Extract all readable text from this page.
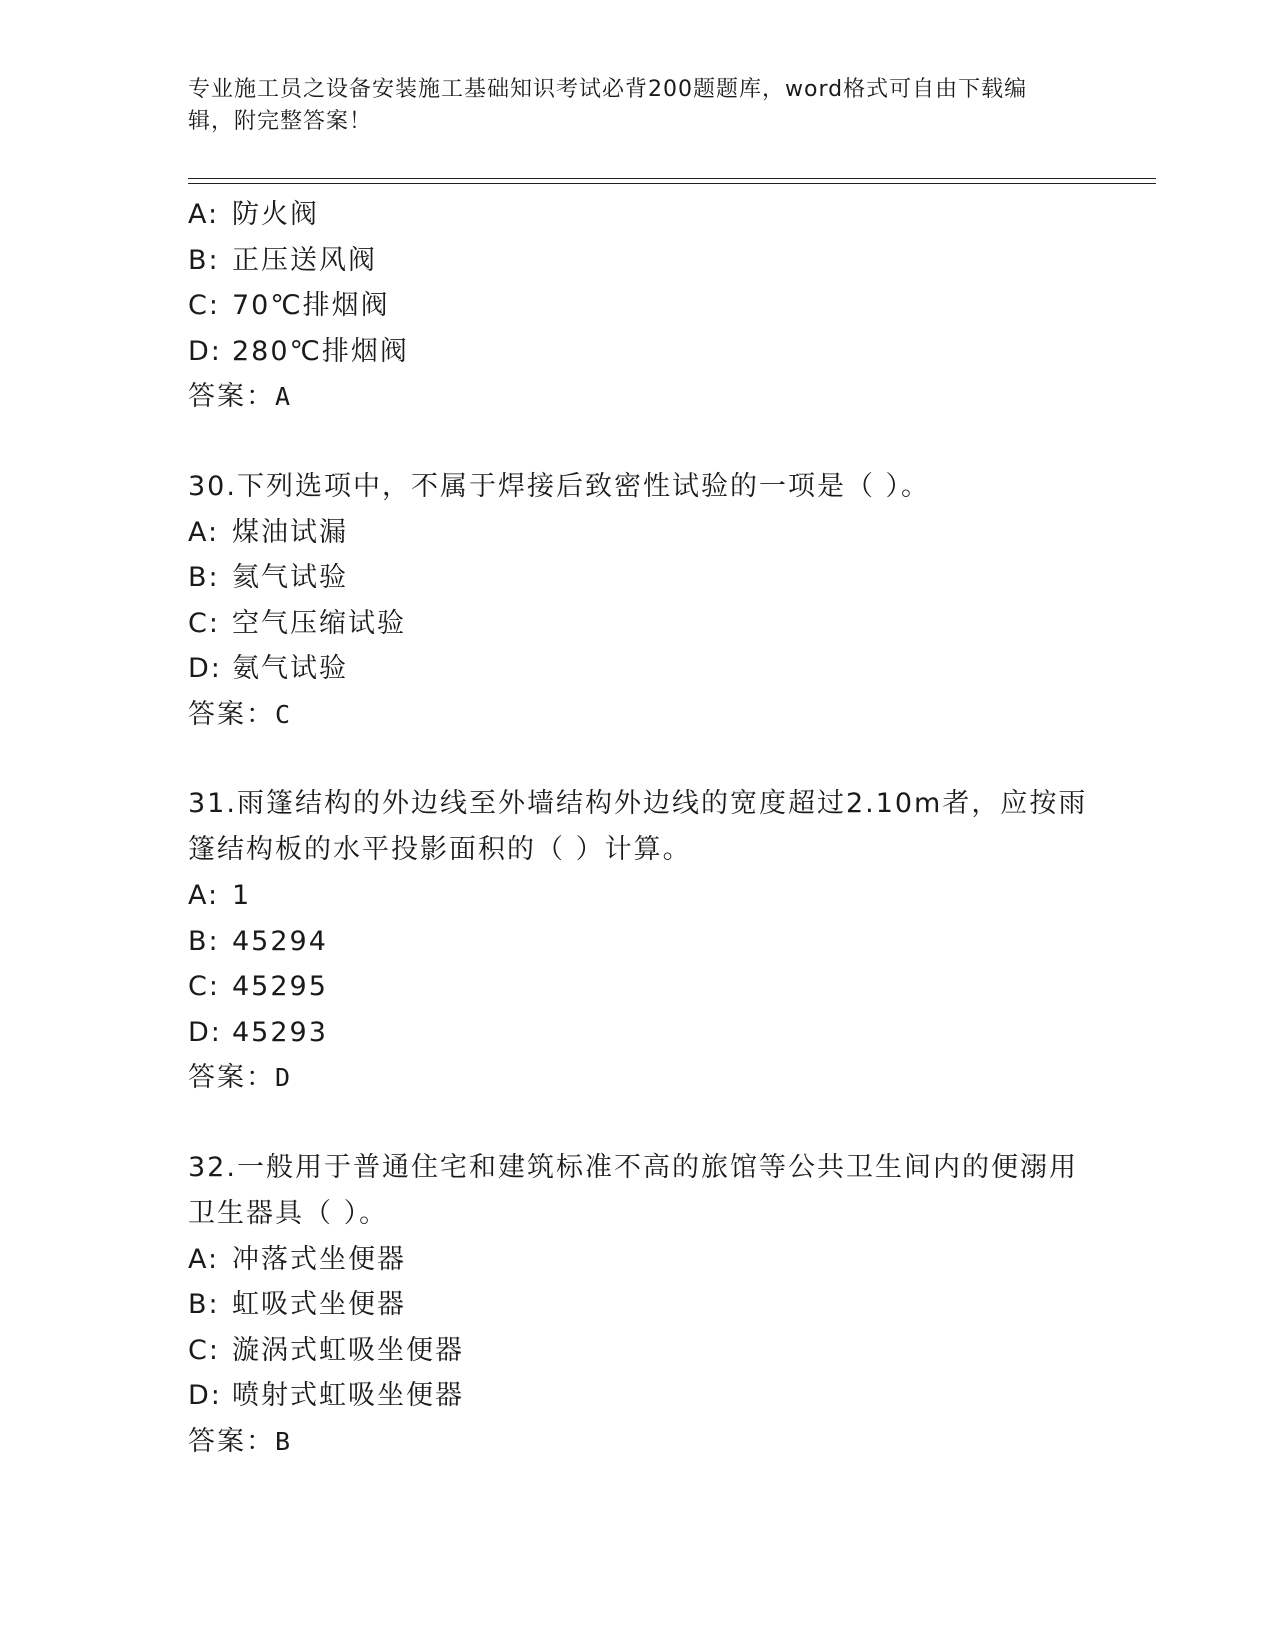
专业施工员之设备安装施工基础知识考试必背200题题库，word格式可自由下载编辑，附完整答案！
A: 防火阀
B: 正压送风阀
C: 70℃排烟阀
D: 280℃排烟阀
答案：A
30.下列选项中，不属于焊接后致密性试验的一项是（ ）。
A: 煤油试漏
B: 氦气试验
C: 空气压缩试验
D: 氨气试验
答案：C
31.雨篷结构的外边线至外墙结构外边线的宽度超过2.10m者，应按雨篷结构板的水平投影面积的（ ）计算。
A: 1
B: 45294
C: 45295
D: 45293
答案：D
32.一般用于普通住宅和建筑标准不高的旅馆等公共卫生间内的便溺用卫生器具（ ）。
A: 冲落式坐便器
B: 虹吸式坐便器
C: 漩涡式虹吸坐便器
D: 喷射式虹吸坐便器
答案：B
